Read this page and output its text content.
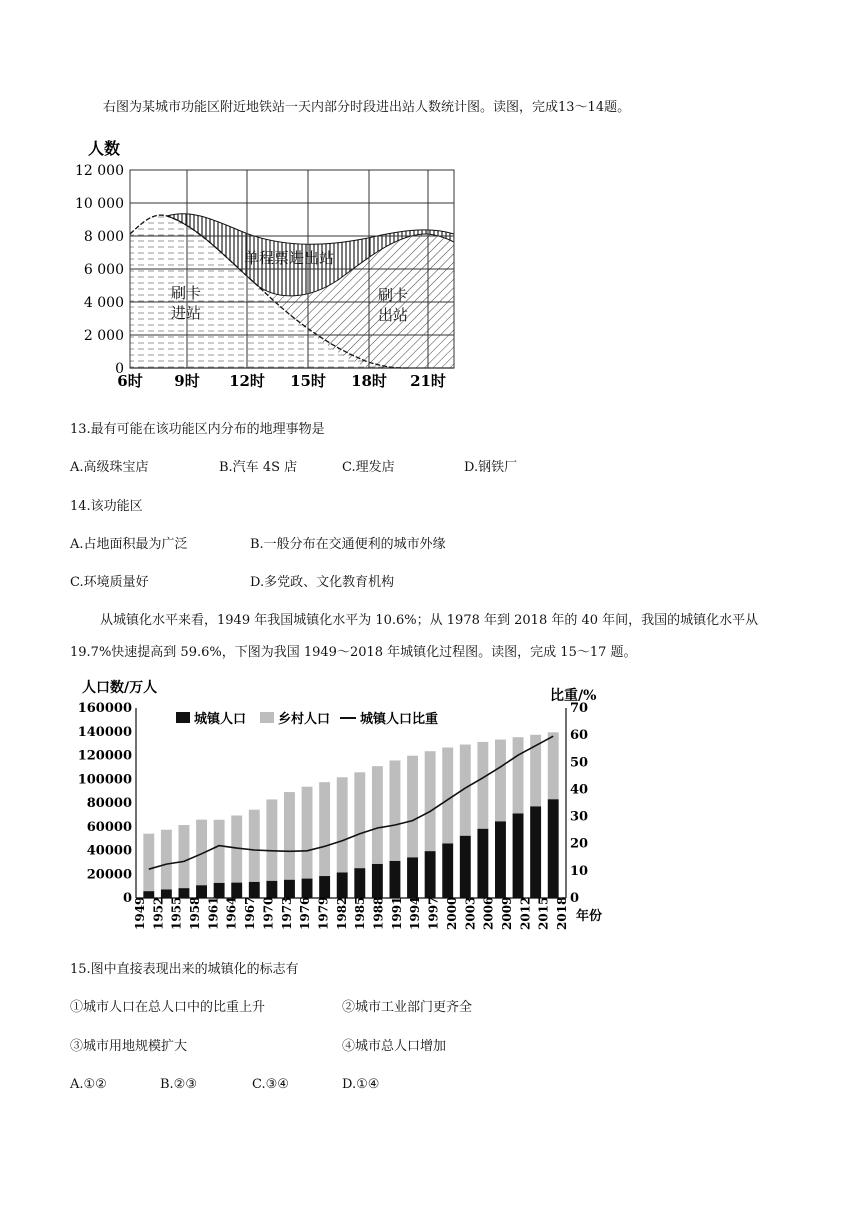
右图为某城市功能区附近地铁站一天内部分时段进出站人数统计图。读图，完成13～14题。
人数
12 000
10 000
8 000
6 000
4 000
2 000
0
单程票进出站
刷卡
进站
刷卡
出站
6时 9时 12时 15时 18时 21时
13.最有可能在该功能区内分布的地理事物是
A.高级珠宝店	B.汽车 4S 店	C.理发店	D.钢铁厂
14.该功能区
A.占地面积最为广泛	B.一般分布在交通便利的城市外缘
C.环境质量好	D.多党政、文化教育机构
从城镇化水平来看，1949 年我国城镇化水平为 10.6%；从 1978 年到 2018 年的 40 年间，我国的城镇化水平从 19.7%快速提高到 59.6%，下图为我国 1949～2018 年城镇化过程图。读图，完成 15～17 题。
人口数/万人	比重/%
160000
140000
120000
100000
80000
60000
40000
20000
0
70
60
50
40
30
20
10
0
城镇人口 乡村人口 城镇人口比重
1949 1952 1955 1958 1961 1964 1967 1970 1973 1976 1979 1982 1985 1988 1991 1994 1997 2000 2003 2006 2009 2012 2015 2018 年份
15.图中直接表现出来的城镇化的标志有
①城市人口在总人口中的比重上升	②城市工业部门更齐全
③城市用地规模扩大	④城市总人口增加
A.①②	B.②③	C.③④	D.①④
